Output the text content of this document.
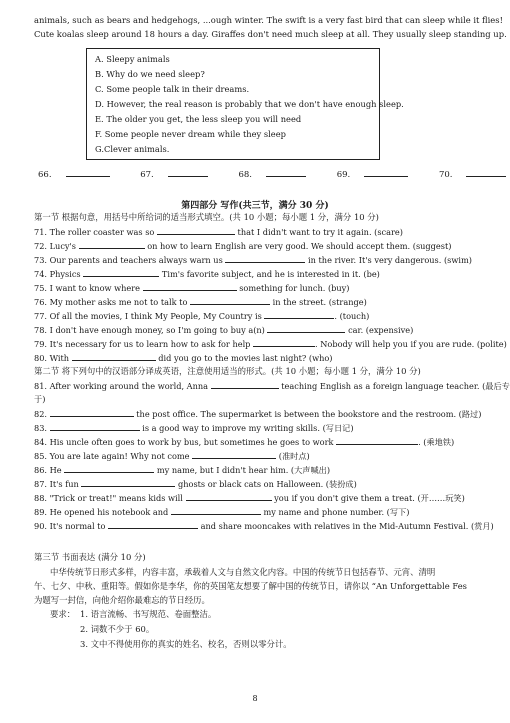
animals, such as bears and hedgehogs, ...ough winter. The swift is a very fast bird that can sleep while it flies!
Cute koalas sleep around 18 hours a day. Giraffes don't need much sleep at all. They usually sleep standing up.
A. Sleepy animals
B. Why do we need sleep?
C. Some people talk in their dreams.
D. However, the real reason is probably that we don't have enough sleep.
E. The older you get, the less sleep you will need
F. Some people never dream while they sleep
G.Clever animals.
66.	67.	68.	69.	70.
第四部分 写作(共三节，满分 30 分)
第一节 根据句意，用括号中所给词的适当形式填空。(共 10 小题；每小题 1 分，满分 10 分)
71. The roller coaster was so	that I didn't want to try it again. (scare)
72. Lucy's	on how to learn English are very good. We should accept them. (suggest)
73. Our parents and teachers always warn us	in the river. It's very dangerous. (swim)
74. Physics	Tim's favorite subject, and he is interested in it. (be)
75. I want to know where	something for lunch. (buy)
76. My mother asks me not to talk to	in the street. (strange)
77. Of all the movies, I think My People, My Country is	. (touch)
78. I don't have enough money, so I'm going to buy a(n)	car. (expensive)
79. It's necessary for us to learn how to ask for help	. Nobody will help you if you are rude. (polite)
80. With	did you go to the movies last night? (who)
第二节 将下列句中的汉语部分译成英语，注意使用适当的形式。(共 10 小题；每小题 1 分，满分 10 分)
81. After working around the world, Anna	teaching English as a foreign language teacher. (最后专
于)
82.	the post office. The supermarket is between the bookstore and the restroom. (路过)
83.	is a good way to improve my writing skills. (写日记)
84. His uncle often goes to work by bus, but sometimes he goes to work	. (乘地铁)
85. You are late again! Why not come	(准时点)
86. He	my name, but I didn't hear him. (大声喊出)
87. It's fun	ghosts or black cats on Halloween. (装扮成)
88. "Trick or treat!" means kids will	you if you don't give them a treat. (开……玩笑)
89. He opened his notebook and	my name and phone number. (写下)
90. It's normal to	and share mooncakes with relatives in the Mid-Autumn Festival. (赏月)
第三节 书面表达 (满分 10 分)
中华传统节日形式多样，内容丰富，承载着人文与自然文化内容。中国的传统节日包括春节、元宵、清明
午、七夕、中秋、重阳等。假如你是李华，你的英国笔友想要了解中国的传统节日，请你以 “An Unforgettable Fes
为题写一封信，向他介绍你最难忘的节日经历。
要求： 1. 语言流畅、书写规范、卷面整洁。
2. 词数不少于 60。
3. 文中不得使用你的真实的姓名、校名，否则以零分计。
8
